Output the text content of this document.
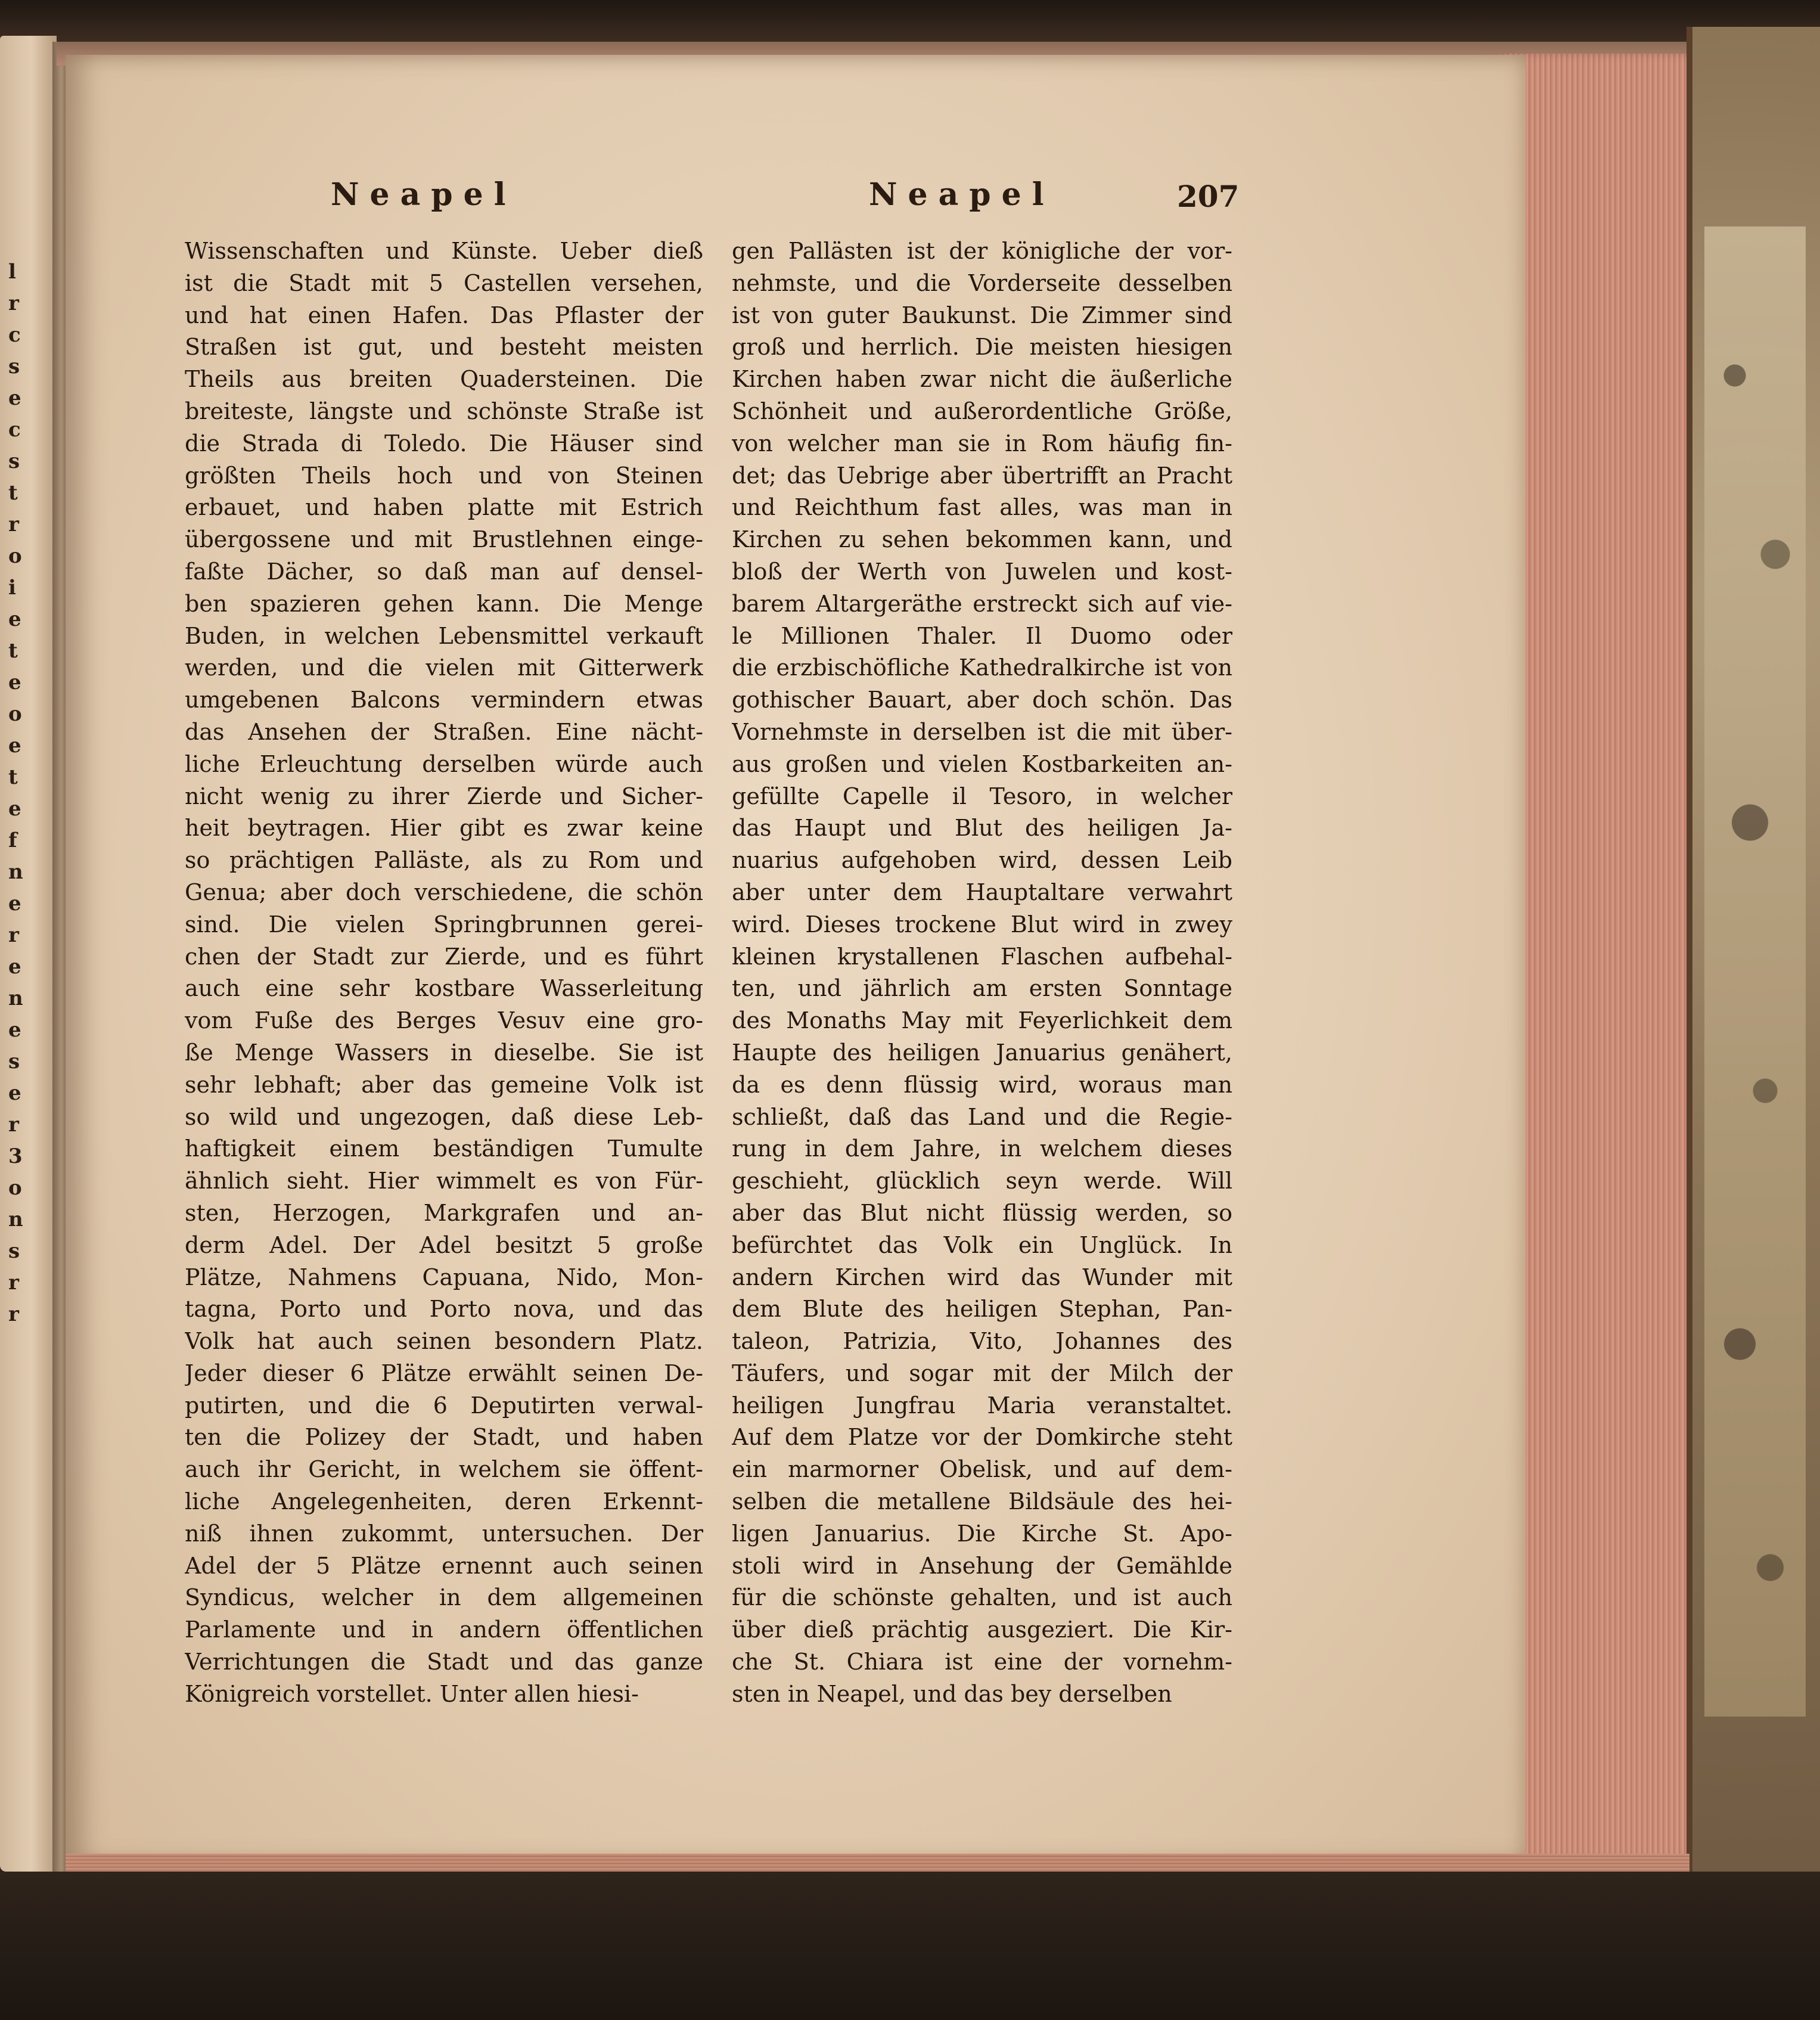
l
r
c
s
e
c
s
t
r
o
i
e
t
e
o
e
t
e
f
n
e
r
e
n
e
s
e
r
3
o
n
s
r
r
Neapel	Neapel	207
Wissenschaften und Künste. Ueber dieß
ist die Stadt mit 5 Castellen versehen,
und hat einen Hafen. Das Pflaster der
Straßen ist gut, und besteht meisten
Theils aus breiten Quadersteinen. Die
breiteste, längste und schönste Straße ist
die Strada di Toledo. Die Häuser sind
größten Theils hoch und von Steinen
erbauet, und haben platte mit Estrich
übergossene und mit Brustlehnen einge-
faßte Dächer, so daß man auf densel-
ben spazieren gehen kann. Die Menge
Buden, in welchen Lebensmittel verkauft
werden, und die vielen mit Gitterwerk
umgebenen Balcons vermindern etwas
das Ansehen der Straßen. Eine nächt-
liche Erleuchtung derselben würde auch
nicht wenig zu ihrer Zierde und Sicher-
heit beytragen. Hier gibt es zwar keine
so prächtigen Palläste, als zu Rom und
Genua; aber doch verschiedene, die schön
sind. Die vielen Springbrunnen gerei-
chen der Stadt zur Zierde, und es führt
auch eine sehr kostbare Wasserleitung
vom Fuße des Berges Vesuv eine gro-
ße Menge Wassers in dieselbe. Sie ist
sehr lebhaft; aber das gemeine Volk ist
so wild und ungezogen, daß diese Leb-
haftigkeit einem beständigen Tumulte
ähnlich sieht. Hier wimmelt es von Für-
sten, Herzogen, Markgrafen und an-
derm Adel. Der Adel besitzt 5 große
Plätze, Nahmens Capuana, Nido, Mon-
tagna, Porto und Porto nova, und das
Volk hat auch seinen besondern Platz.
Jeder dieser 6 Plätze erwählt seinen De-
putirten, und die 6 Deputirten verwal-
ten die Polizey der Stadt, und haben
auch ihr Gericht, in welchem sie öffent-
liche Angelegenheiten, deren Erkennt-
niß ihnen zukommt, untersuchen. Der
Adel der 5 Plätze ernennt auch seinen
Syndicus, welcher in dem allgemeinen
Parlamente und in andern öffentlichen
Verrichtungen die Stadt und das ganze
Königreich vorstellet. Unter allen hiesi-
gen Pallästen ist der königliche der vor-
nehmste, und die Vorderseite desselben
ist von guter Baukunst. Die Zimmer sind
groß und herrlich. Die meisten hiesigen
Kirchen haben zwar nicht die äußerliche
Schönheit und außerordentliche Größe,
von welcher man sie in Rom häufig fin-
det; das Uebrige aber übertrifft an Pracht
und Reichthum fast alles, was man in
Kirchen zu sehen bekommen kann, und
bloß der Werth von Juwelen und kost-
barem Altargeräthe erstreckt sich auf vie-
le Millionen Thaler. Il Duomo oder
die erzbischöfliche Kathedralkirche ist von
gothischer Bauart, aber doch schön. Das
Vornehmste in derselben ist die mit über-
aus großen und vielen Kostbarkeiten an-
gefüllte Capelle il Tesoro, in welcher
das Haupt und Blut des heiligen Ja-
nuarius aufgehoben wird, dessen Leib
aber unter dem Hauptaltare verwahrt
wird. Dieses trockene Blut wird in zwey
kleinen krystallenen Flaschen aufbehal-
ten, und jährlich am ersten Sonntage
des Monaths May mit Feyerlichkeit dem
Haupte des heiligen Januarius genähert,
da es denn flüssig wird, woraus man
schließt, daß das Land und die Regie-
rung in dem Jahre, in welchem dieses
geschieht, glücklich seyn werde. Will
aber das Blut nicht flüssig werden, so
befürchtet das Volk ein Unglück. In
andern Kirchen wird das Wunder mit
dem Blute des heiligen Stephan, Pan-
taleon, Patrizia, Vito, Johannes des
Täufers, und sogar mit der Milch der
heiligen Jungfrau Maria veranstaltet.
Auf dem Platze vor der Domkirche steht
ein marmorner Obelisk, und auf dem-
selben die metallene Bildsäule des hei-
ligen Januarius. Die Kirche St. Apo-
stoli wird in Ansehung der Gemählde
für die schönste gehalten, und ist auch
über dieß prächtig ausgeziert. Die Kir-
che St. Chiara ist eine der vornehm-
sten in Neapel, und das bey derselben
